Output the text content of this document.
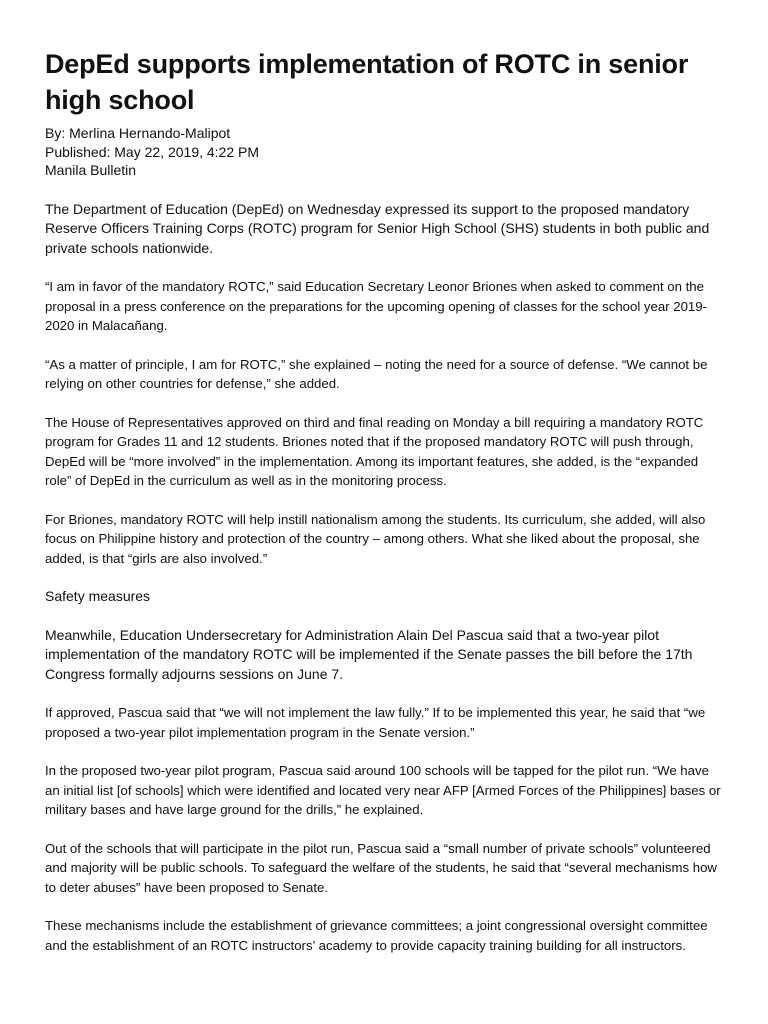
DepEd supports implementation of ROTC in senior high school
By: Merlina Hernando-Malipot
Published: May 22, 2019, 4:22 PM
Manila Bulletin

The Department of Education (DepEd) on Wednesday expressed its support to the proposed mandatory Reserve Officers Training Corps (ROTC) program for Senior High School (SHS) students in both public and private schools nationwide.

“I am in favor of the mandatory ROTC,” said Education Secretary Leonor Briones when asked to comment on the proposal in a press conference on the preparations for the upcoming opening of classes for the school year 2019-2020 in Malacañang.

“As a matter of principle, I am for ROTC,” she explained – noting the need for a source of defense. “We cannot be relying on other countries for defense,” she added.

The House of Representatives approved on third and final reading on Monday a bill requiring a mandatory ROTC program for Grades 11 and 12 students. Briones noted that if the proposed mandatory ROTC will push through, DepEd will be “more involved” in the implementation. Among its important features, she added, is the “expanded role” of DepEd in the curriculum as well as in the monitoring process.

For Briones, mandatory ROTC will help instill nationalism among the students. Its curriculum, she added, will also focus on Philippine history and protection of the country – among others. What she liked about the proposal, she added, is that “girls are also involved.”

Safety measures

Meanwhile, Education Undersecretary for Administration Alain Del Pascua said that a two-year pilot implementation of the mandatory ROTC will be implemented if the Senate passes the bill before the 17th Congress formally adjourns sessions on June 7.

If approved, Pascua said that “we will not implement the law fully.” If to be implemented this year, he said that “we proposed a two-year pilot implementation program in the Senate version.”

In the proposed two-year pilot program, Pascua said around 100 schools will be tapped for the pilot run. “We have an initial list [of schools] which were identified and located very near AFP [Armed Forces of the Philippines] bases or military bases and have large ground for the drills,” he explained.

Out of the schools that will participate in the pilot run, Pascua said a “small number of private schools” volunteered and majority will be public schools. To safeguard the welfare of the students, he said that “several mechanisms how to deter abuses” have been proposed to Senate.

These mechanisms include the establishment of grievance committees; a joint congressional oversight committee and the establishment of an ROTC instructors’ academy to provide capacity training building for all instructors.
